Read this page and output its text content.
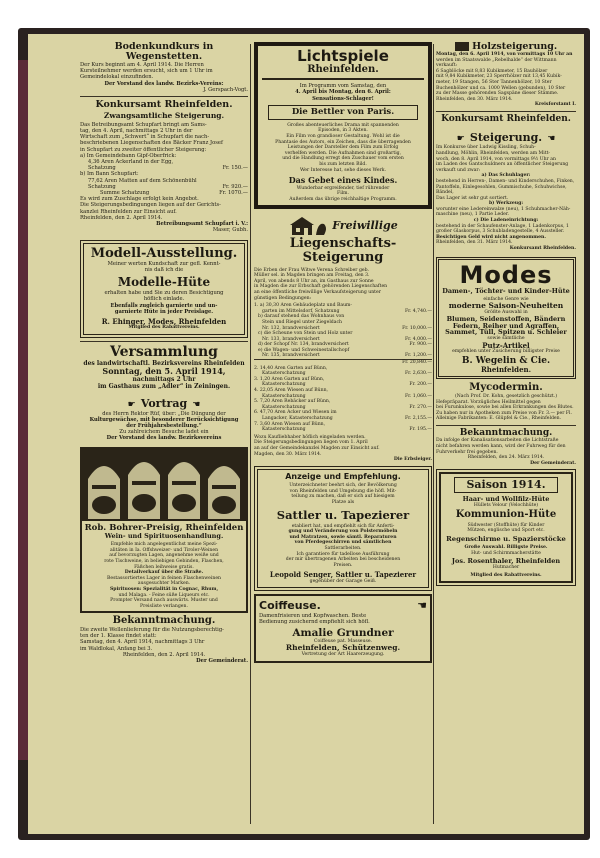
Bodenkundkurs in Wegenstetten.
Der Kurs beginnt am 4. April 1914. Die Herren
Kursteilnehmer werden ersucht, sich um 1 Uhr im
Gemeindelokal einzufinden.
Der Vorstand des landw. Bezirks-Vereins:
J. Gerspach-Vogt.
Konkursamt Rheinfelden.
Zwangsamtliche Steigerung.
Das Betreibungsamt Schupfart bringt am Sams-
tag, den 4. April, nachmittags 2 Uhr in der
Wirtschaft zum „Schwert“ in Schupfart die nach-
beschriebenen Liegenschaften des Bäcker Franz Josef
in Schupfart zu zweiter öffentlicher Steigerung:
a) Im Gemeindebann Gipf-Oberfrick:
4,36 Aren Ackerland in der Egg,
Schatzung	Fr. 150.—
b) Im Bann Schupfart:
77,62 Aren Matten auf dem Schönenbühl
Schatzung	Fr. 920.—
Summe Schatzung	Fr. 1070.—
Es wird zum Zuschlage erfolgt kein Angebot.
Die Steigerungsbedingungen liegen auf der Gerichts-
kanzlei Rheinfelden zur Einsicht auf.
Rheinfelden, den 2. April 1914.
Betreibungsamt Schupfart i. V.:
Maser, Gubh.
Modell-Ausstellung.
Meiner werten Kundschaft zur gefl. Kennt-
nis daß ich die
Modelle-Hüte
erhalten habe und Sie zu deren Besichtigung
höflich einlade.
Ebenfalls zugleich garnierte und un-
garnierte Hüte in jeder Preislage.
R. Ehinger, Modes, Rheinfelden
Mitglied des Rabattvereins.
Versammlung
des landwirtschaftl. Bezirksvereins Rheinfelden
Sonntag, den 5. April 1914,
nachmittags 2 Uhr
im Gasthaus zum „Adler“ in Zeiningen.
☛ Vortrag ☚
des Herrn Rektor Rüf, über: „Die Düngung der
Kulturgewächse, mit besonderer Berücksichtigung
der Frühjahrsbestellung.“
Zu zahlreichem Besuche ladet ein
Der Vorstand des landw. Bezirksvereins
Rob. Bohrer-Preisig, Rheinfelden
Wein- und Spirituosenhandlung.
Empfehle mich angelegentlichst meine Spezi-
alitäten in Ia. Offshweizer- und Tiroler-Weinen
auf bevorzugten Lagen, angenehme weiße und
rote Tischweine, in beliebigen Gebinden, Flaschen,
Fäßchen leihweise gratis.
Detailverkauf über die Straße.
Bestassortiertes Lager in feinen Flaschenweinen
ausgesuchter Marken.
Spirituosen: Spezialität in Cognac, Rhum,
und Malaga. - Feine süße Liqueurs etc.
Prompter Versand nach auswärts. Muster und
Preisliste verlangen.
Bekanntmachung.
Die zweite Wellenlieferung für die Nutzungsberechtig-
ten der 1. Klasse findet statt:
Samstag, den 4. April 1914, nachmittags 3 Uhr
im Waldlokal, Anfang bei 3.
Rheinfelden, den 2. April 1914.
Der Gemeinderat.
Lichtspiele
Rheinfelden.
Im Programm vom Samstag, den
4. April bis Montag, den 6. April:
Sensations-Schlager!
Die Bettler von Paris.
Großes abenteuerliches Drama mit spannenden
Episoden, in 3 Akten.
Ein Film von grandioser Gestaltung. Wohl ist die
Phantasie des Autors, ein Zeichen, dass die überragenden
Leistungen der Darsteller dem Film zum Erfolg
verhelfen werden. Die Aufnahmen sind großartig,
und die Handlung erregt den Zuschauer vom ersten
bis zum letzten Bild.
Wer Interesse hat, sehe dieses Werk.
Das Gebet eines Kindes.
Wunderbar ergreifender, tief rührender
Film.
Außerdem das übrige reichhaltige Programm.
Freiwillige
Liegenschafts-Steigerung
Die Erben der Frau Witwe Verena Schreiber geb.
Müller sel. in Magden bringen am Freitag, den 3.
April, von abends 8 Uhr an, im Gasthaus zur Sonne
in Magden die zur Erbschaft gehörenden Liegenschaften
an eine öffentliche freiwillige Verkaufsteigerung unter
günstigen Bedingungen:
1. a) 30,30 Aren Gebäudeplatz und Baum-
garten im Mittelsdorf, Schatzung	Fr. 4,740.—
b) darauf stehend das Wohnhaus von
Stein und Riegel unter Ziegeldach
Nr. 132, brandversichert	Fr. 10,000.—
c) die Scheune von Stein und Holz unter
Nr. 133, brandversichert	Fr. 4,000.—
d) der Schopf Nr. 134, brandversichert	Fr. 900.—
e) die Wagen- und Schweinestallschopf
Nr. 135, brandversichert	Fr. 1,200.—
Fr. 20,840.—
2. 14,40 Aren Garten auf Bünn,
Katasterschatzung	Fr. 2,630.—
3. 1,20 Aren Garten auf Bünn,
Katasterschatzung	Fr. 200.—
4. 22,05 Aren Wiesen auf Bünn,
Katasterschatzung	Fr. 1,060.—
5. 7,20 Aren Rebäcker auf Bünn,
Katasterschatzung	Fr. 270.—
6. 47,70 Aren Acker und Wiesen im
Langacker, Katasterschatzung	Fr. 2,155.—
7. 3,60 Aren Wiesen auf Bünn,
Katasterschatzung	Fr. 195.—
Wozu Kaufliebhaber höflich eingeladen werden.
Die Steigerungsbedingungen liegen vom 1. April
an auf der Gemeindekanzlei Magden zur Einsicht auf.
Magden, den 30. März 1914.
Die Erbsleiger.
Anzeige und Empfehlung.
Unterzeichneter beehrt sich, der Bevölkerung
von Rheinfelden und Umgebung die höfl. Mit-
teilung zu machen, daß er sich auf hiesigem
Platze als
Sattler u. Tapezierer
etabliert hat, und empfiehlt sich für Anferti-
gung und Veränderung von Polstermöbeln
und Matratzen, sowie sämtl. Reparaturen
von Pferdegeschirren und sämtlichen
Sattlerarbeiten.
Ich garantiere für tadellose Ausführung
der mir übertragenen Arbeiten bei bescheidenen
Preisen.
Leopold Senger, Sattler u. Tapezierer
gegenüber der Garage Geiß.
Coiffeuse.	☚
Damenfrisieren und Kopfwaschen. Beste
Bedienung zusichernd empfiehlt sich höfl.
Amalie Grundner
Coiffeuse pat. Masseuse.
Rheinfelden, Schützenweg.
Vertretung der Art Haarerzeugung.
Holzsteigerung.
Montag, den 6. April 1914, von vormittags 10 Uhr an
werden im Staatswalde „Rebelhalde“ der Wittmann
verkauft:
6 Sagblöcke mit 8,83 Kubikmeter, 15 Bauhölzer
mit 9,84 Kubikmeter, 23 Sperrhölzer mit 13,45 Kubik-
meter, 19 Stangen, 56 Ster Tannenhölzer, 10 Ster
Buchenhölzer und ca. 1000 Wellen (gebunden), 10 Ster
zu der Masse gehörenden Sagspäne dieser Stämme.
Rheinfelden, den 30. März 1914.
Kreisforstamt I.
Konkursamt Rheinfelden.
☛ Steigerung. ☚
Im Konkurse über Ludwig Kissling, Schuh-
handlung, Möhlin, Rheinfelden, werden am Mitt-
woch, den 8. April 1914, von vormittags 9½ Uhr an
im Laden des Gantschuldners an öffentlicher Steigerung
verkauft und zwar:
a) Das Schuhlager:
bestehend in Herren-, Damen- und Kinderschuhen, Finken,
Pantoffeln, Einlegesohlen, Gummischuhe, Schuhwichse, Bändel,
Das Lager ist sehr gut sortiert.
b) Werkzeug:
worunter eine Ledereinwalze (neu), 1 Schuhmacher-Näh-
maschine (neu), 1 Partie Leder.
c) Die Ladeneinrichtung:
bestehend in der Schaufenster-Anlage, 1 Ladenkorpus, 1
großer Glaskorpus, 3 Schubladengestelle, 4 Aussteller.
Besichtigen Geld wird nicht angenommen.
Rheinfelden, den 31. März 1914.
Konkursamt Rheinfelden.
Modes
Damen-, Töchter- und Kinder-Hüte
einfache Genre wie
moderne Saison-Neuheiten
Größte Auswahl in
Blumen, Seidenstoffen, Bändern
Federn, Reiher und Agraffen,
Sammet, Tüll, Spitzen u. Schleier
sowie sämtliche
Putz-Artikel
empfehlen unter Zusicherung billigster Preise
B. Wegelin & Cie.
Rheinfelden.
Mycodermin.
(Nach Prof. Dr. Kohn, gesetzlich geschützt.)
Hefepräparat. Vorzügliches Heilmittel gegen
bei Furunkulose, sowie bei allen Erkrankungen des Blutes.
Zu haben nur in Apotheken zum Preise von Fr. 3.— per Fl.
Alleinige Fabrikanten: E. Glüpfel & Cie., Rheinfelden.
Bekanntmachung.
Da infolge der Kanalisationsarbeiten die Lichtstraße
nicht befahren werden kann, wird der Fuhrweg für den
Fuhrverkehr frei gegeben.
Rheinfelden, den 24. März 1914.
Der Gemeinderat.
Saison 1914.
Haar- und Wollfilz-Hüte
Hüllets Velour (Velochhüte)
Kommunion-Hüte
Südwester (Stoffhüte) für Kinder
Mützen, englische und Sport etc.
Regenschirme u. Spazierstöcke
Große Auswahl. Billigste Preise.
Hut- und Schirmmacherstätte
Jos. Rosenthaler, Rheinfelden
Hutmacher
Mitglied des Rabattvereins.
